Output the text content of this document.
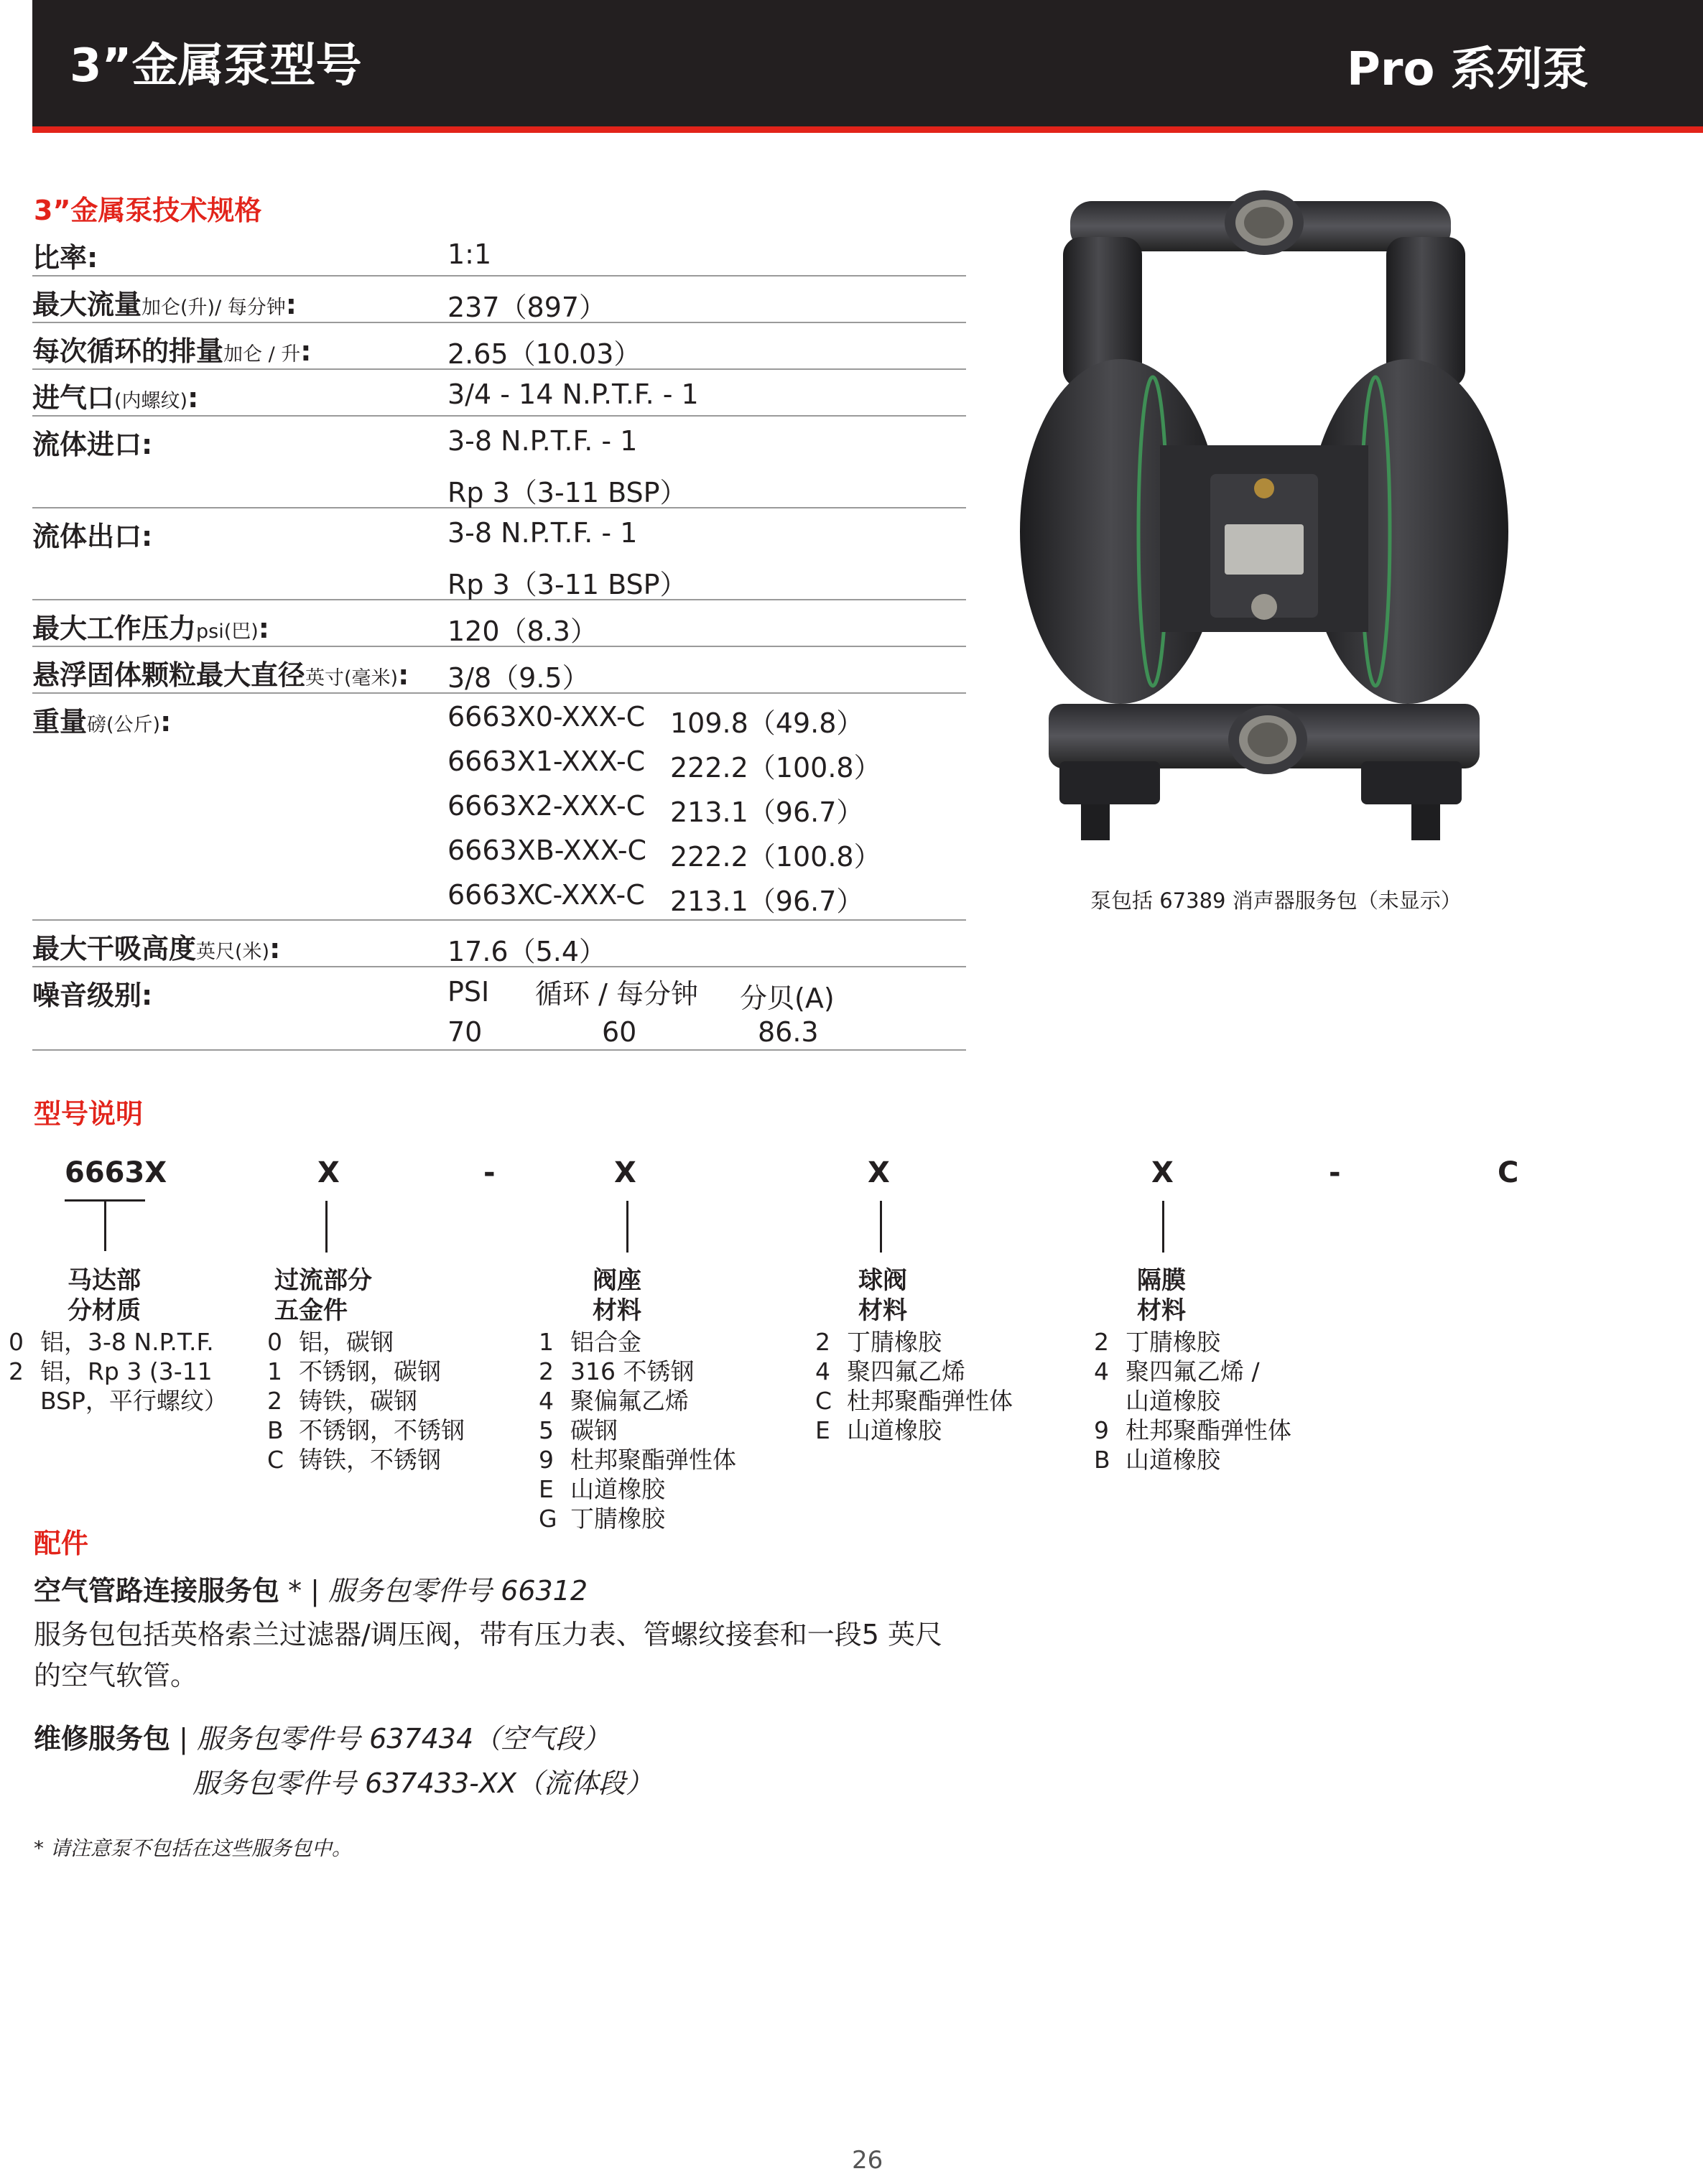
3”金属泵型号	Pro 系列泵
3”金属泵技术规格
比率:	1:1
最大流量加仑(升)/ 每分钟:	237（897）
每次循环的排量加仑 / 升:	2.65（10.03）
进气口(内螺纹):	3/4 - 14 N.P.T.F. - 1
流体进口:	3-8 N.P.T.F. - 1
Rp 3（3-11 BSP）
流体出口:	3-8 N.P.T.F. - 1
Rp 3（3-11 BSP）
最大工作压力psi(巴):	120（8.3）
悬浮固体颗粒最大直径英寸(毫米): 3/8（9.5）
重量磅(公斤):	6663X0-XXX-C 109.8（49.8）
6663X1-XXX-C 222.2（100.8）
6663X2-XXX-C 213.1（96.7）
6663XB-XXX-C 222.2（100.8）
6663XC-XXX-C 213.1（96.7）
最大干吸高度英尺(米):	17.6（5.4）
噪音级别:	PSI 循环 / 每分钟 分贝(A)
70	60	86.3
泵包括 67389 消声器服务包（未显示）
型号说明
6663X	X	-	X	X	X	-	C
马达部
分材质
0 铝，3-8 N.P.T.F.
2 铝，Rp 3 (3-11
BSP，平行螺纹）
过流部分
五金件
0 铝，碳钢
1 不锈钢，碳钢
2 铸铁，碳钢
B 不锈钢，不锈钢
C 铸铁，不锈钢
阀座
材料
1 铝合金
2 316 不锈钢
4 聚偏氟乙烯
5 碳钢
9 杜邦聚酯弹性体
E 山道橡胶
G 丁腈橡胶
球阀
材料
2 丁腈橡胶
4 聚四氟乙烯
C 杜邦聚酯弹性体
E 山道橡胶
隔膜
材料
2 丁腈橡胶
4 聚四氟乙烯 /
山道橡胶
9 杜邦聚酯弹性体
B 山道橡胶
配件
空气管路连接服务包 * | 服务包零件号 66312
服务包包括英格索兰过滤器/调压阀，带有压力表、管螺纹接套和一段5 英尺
的空气软管。
维修服务包 | 服务包零件号 637434（空气段）
服务包零件号 637433-XX（流体段）
* 请注意泵不包括在这些服务包中。
26
